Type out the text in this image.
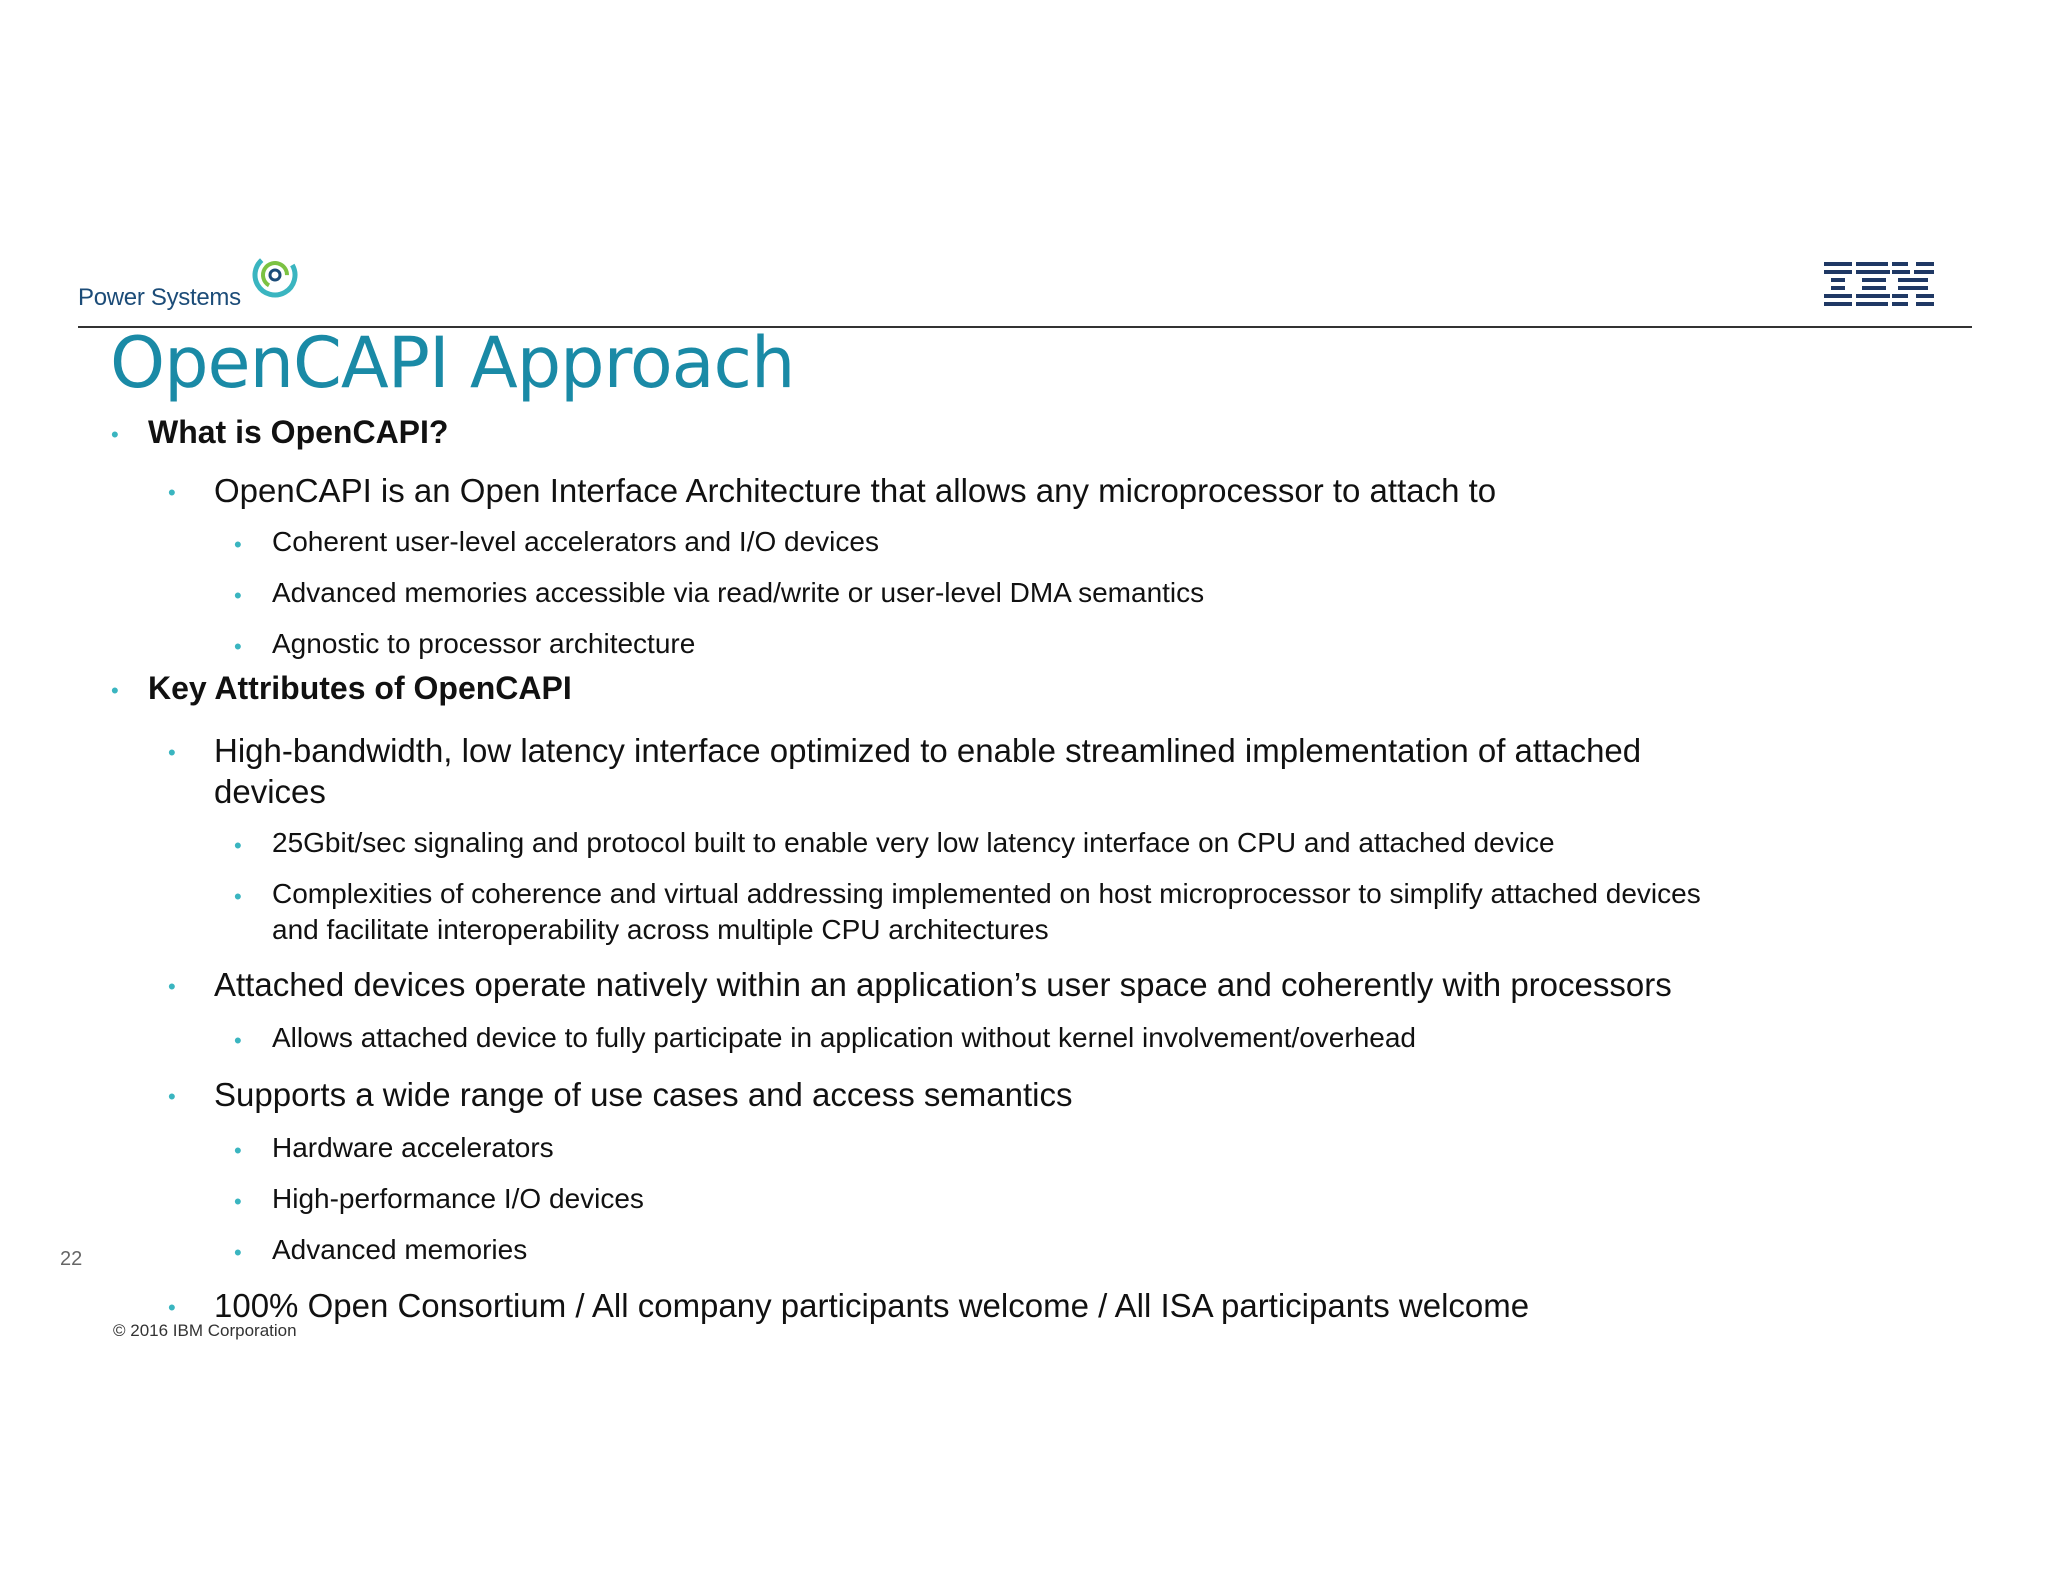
Power Systems
OpenCAPI Approach
• What is OpenCAPI?
• OpenCAPI is an Open Interface Architecture that allows any microprocessor to attach to
• Coherent user-level accelerators and I/O devices
• Advanced memories accessible via read/write or user-level DMA semantics
• Agnostic to processor architecture
• Key Attributes of OpenCAPI
• High-bandwidth, low latency interface optimized to enable streamlined implementation of attached devices
• 25Gbit/sec signaling and protocol built to enable very low latency interface on CPU and attached device
• Complexities of coherence and virtual addressing implemented on host microprocessor to simplify attached devices and facilitate interoperability across multiple CPU architectures
• Attached devices operate natively within an application’s user space and coherently with processors
• Allows attached device to fully participate in application without kernel involvement/overhead
• Supports a wide range of use cases and access semantics
• Hardware accelerators
• High-performance I/O devices
• Advanced memories
• 100% Open Consortium / All company participants welcome / All ISA participants welcome
22
© 2016 IBM Corporation
